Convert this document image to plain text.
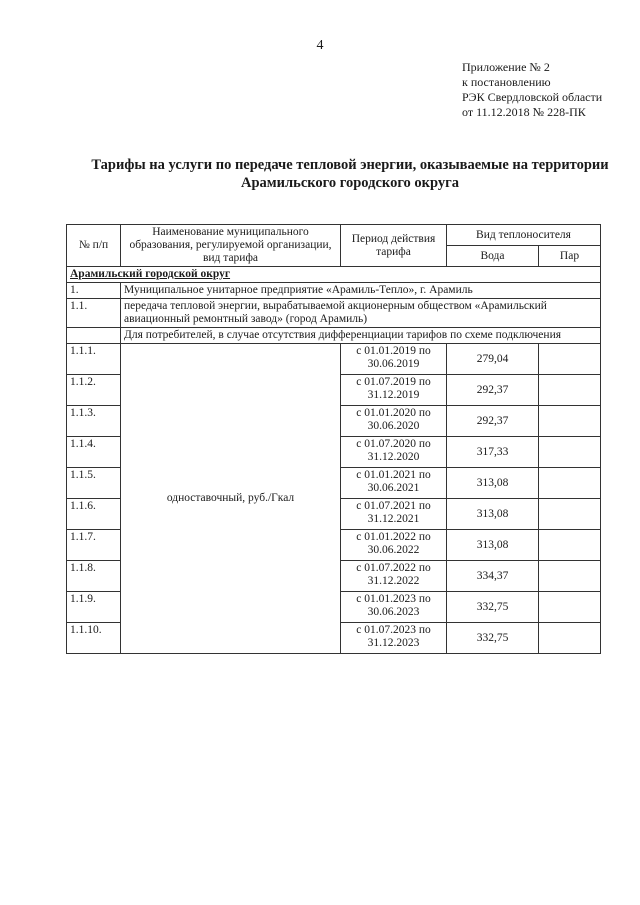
4
Приложение № 2
к постановлению
РЭК Свердловской области
от 11.12.2018 № 228-ПК
Тарифы на услуги по передаче тепловой энергии, оказываемые на территории
Арамильского городского округа
№ п/п	Наименование муниципального образования, регулируемой организации, вид тарифа	Период действия тарифа	Вид теплоносителя	
			Вода	Пар
Арамильский городской округ				
1.	Муниципальное унитарное предприятие «Арамиль-Тепло», г. Арамиль			
1.1.	передача тепловой энергии, вырабатываемой акционерным обществом «Арамильский авиационный ремонтный завод» (город Арамиль)			
	Для потребителей, в случае отсутствия дифференциации тарифов по схеме подключения			
1.1.1.	одноставочный, руб./Гкал	с 01.01.2019 по 30.06.2019	279,04	
1.1.2.		с 01.07.2019 по 31.12.2019	292,37	
1.1.3.		с 01.01.2020 по 30.06.2020	292,37	
1.1.4.		с 01.07.2020 по 31.12.2020	317,33	
1.1.5.		с 01.01.2021 по 30.06.2021	313,08	
1.1.6.		с 01.07.2021 по 31.12.2021	313,08	
1.1.7.		с 01.01.2022 по 30.06.2022	313,08	
1.1.8.		с 01.07.2022 по 31.12.2022	334,37	
1.1.9.		с 01.01.2023 по 30.06.2023	332,75	
1.1.10.		с 01.07.2023 по 31.12.2023	332,75	
